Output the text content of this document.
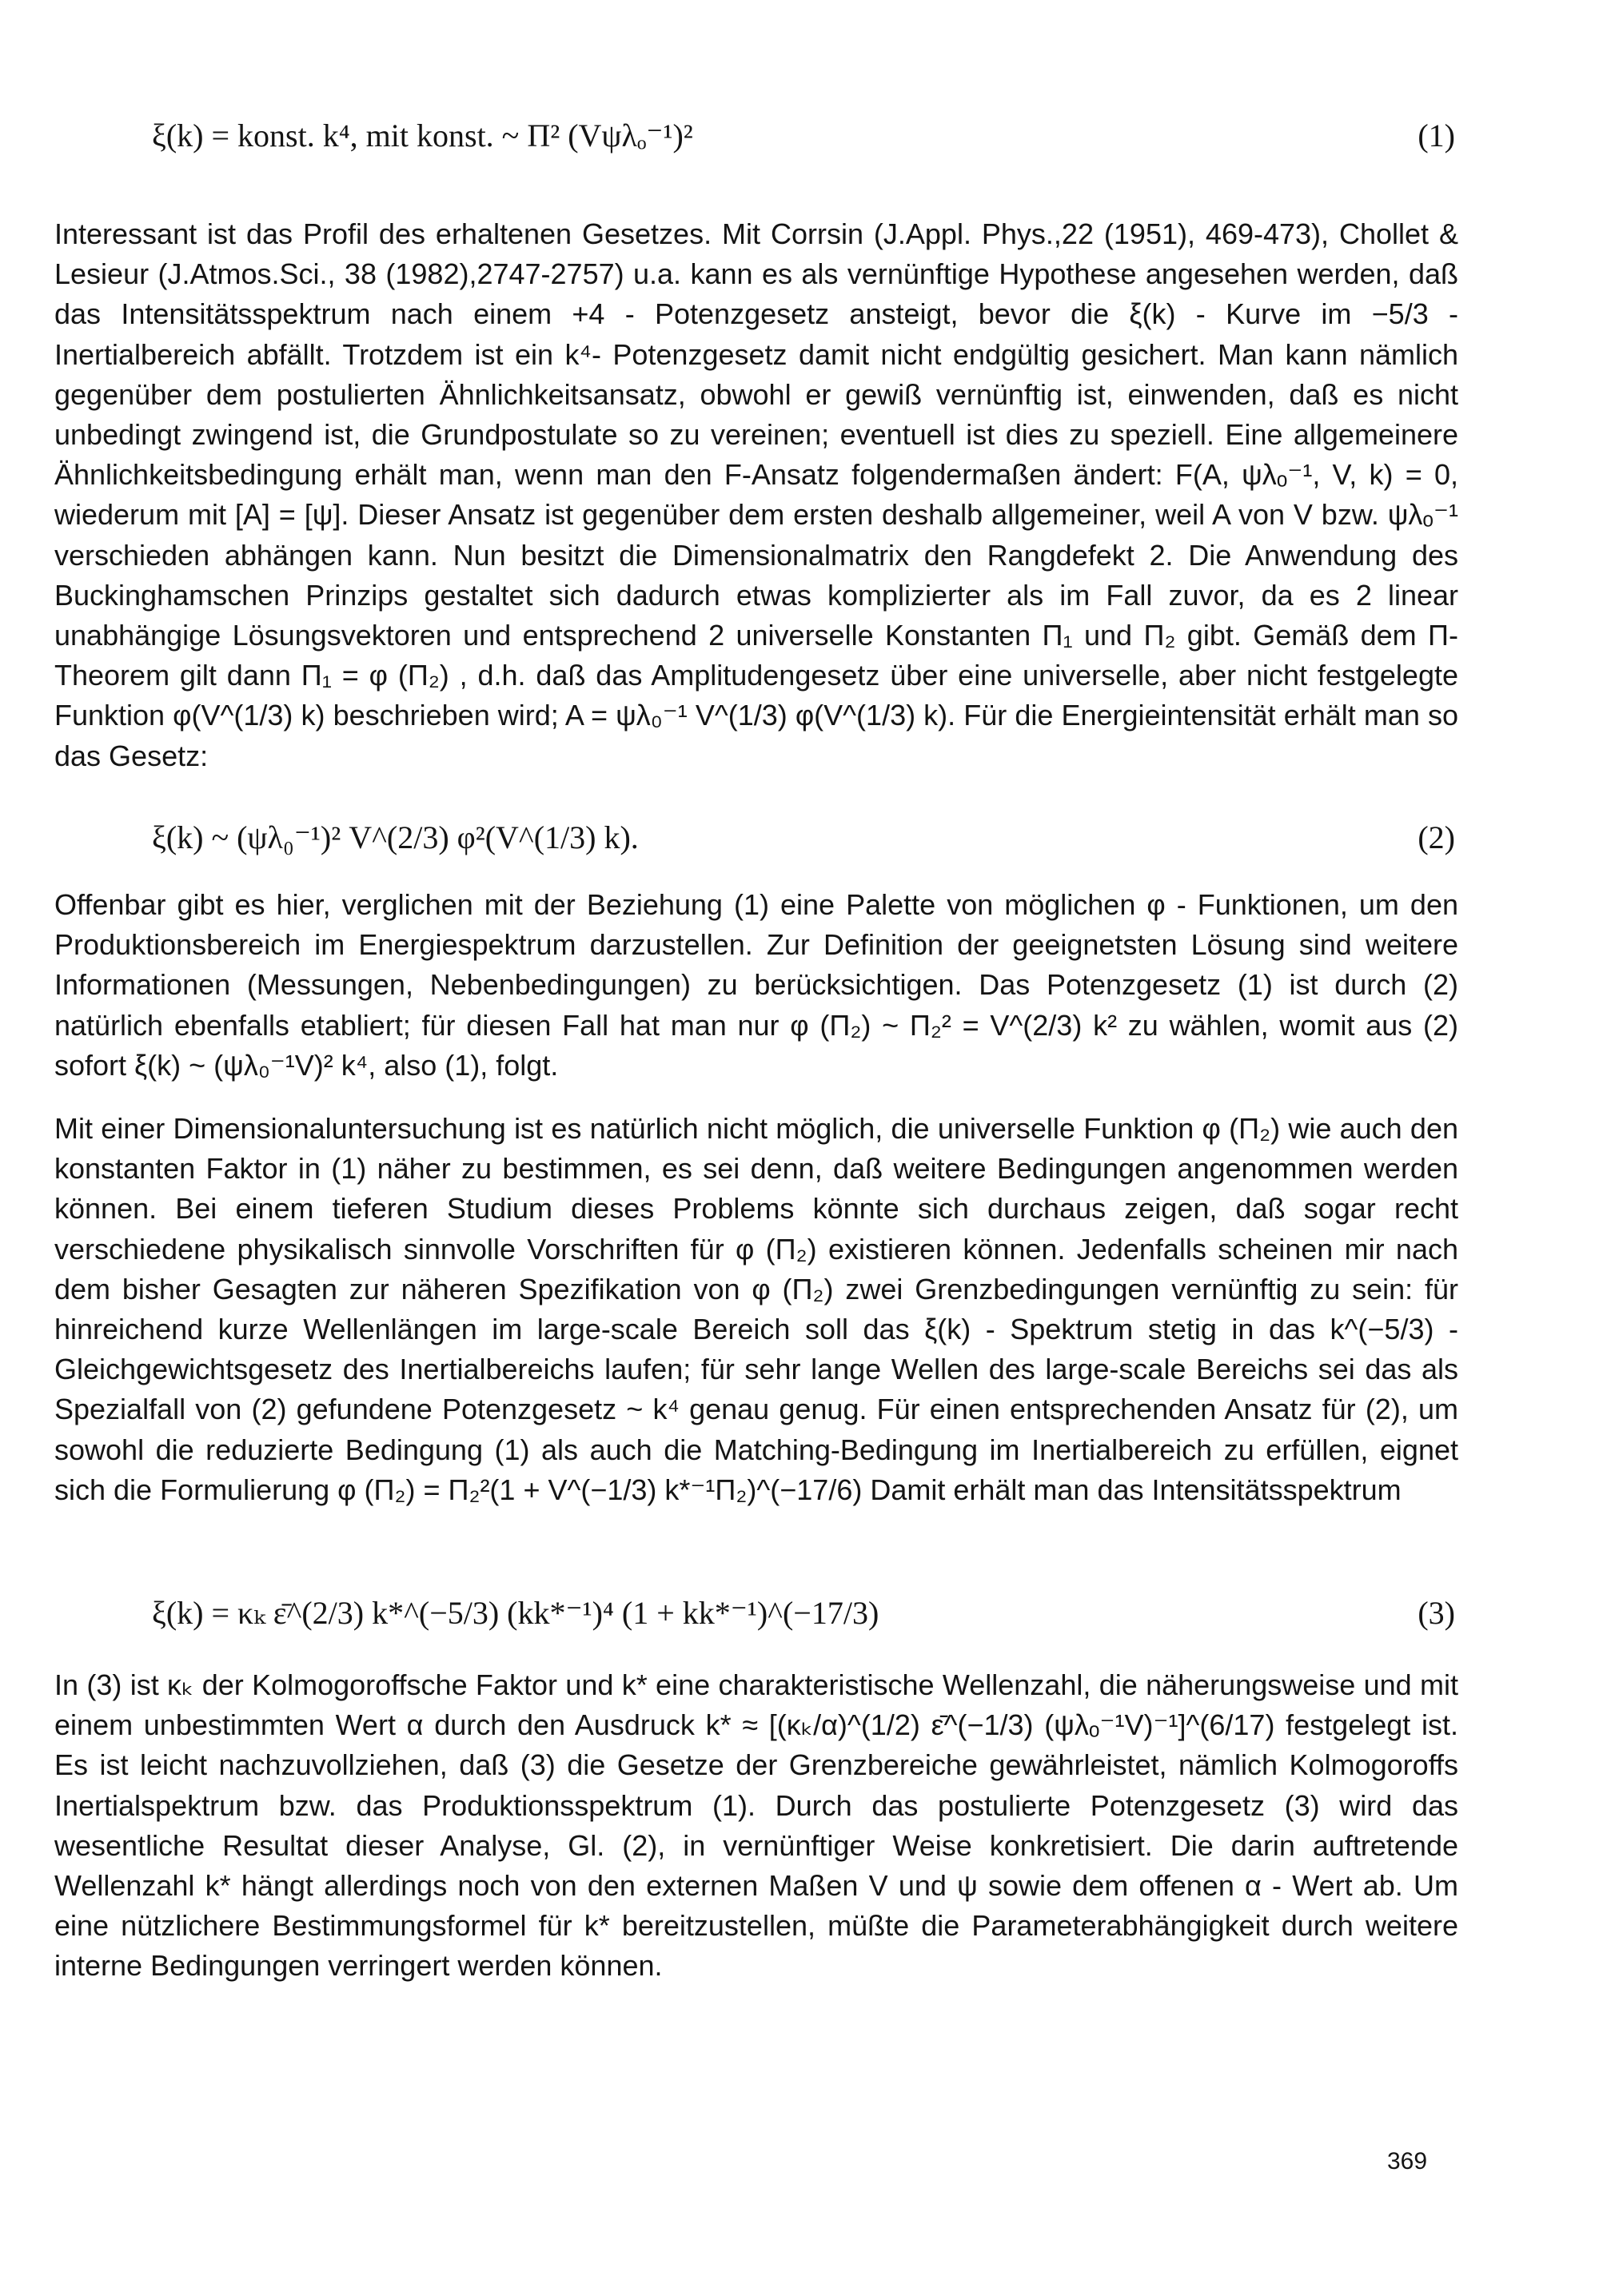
ξ(k) = konst. k⁴, mit konst. ~ Π² (Vψλₒ⁻¹)²	(1)

Interessant ist das Profil des erhaltenen Gesetzes. Mit Corrsin (J.Appl. Phys.,22 (1951), 469-473), Chollet & Lesieur (J.Atmos.Sci., 38 (1982),2747-2757) u.a. kann es als vernünftige Hypothese angesehen werden, daß das Intensitätsspektrum nach einem +4 - Potenzgesetz ansteigt, bevor die ξ(k) - Kurve im −5/3 - Inertialbereich abfällt. Trotzdem ist ein k⁴- Potenzgesetz damit nicht endgültig gesichert. Man kann nämlich gegenüber dem postulierten Ähnlichkeitsansatz, obwohl er gewiß vernünftig ist, einwenden, daß es nicht unbedingt zwingend ist, die Grundpostulate so zu vereinen; eventuell ist dies zu speziell. Eine allgemeinere Ähnlichkeitsbedingung erhält man, wenn man den F-Ansatz folgendermaßen ändert: F(A, ψλₒ⁻¹, V, k) = 0, wiederum mit [A] = [ψ]. Dieser Ansatz ist gegenüber dem ersten deshalb allgemeiner, weil A von V bzw. ψλₒ⁻¹ verschieden abhängen kann. Nun besitzt die Dimensionalmatrix den Rangdefekt 2. Die Anwendung des Buckinghamschen Prinzips gestaltet sich dadurch etwas komplizierter als im Fall zuvor, da es 2 linear unabhängige Lösungsvektoren und entsprechend 2 universelle Konstanten Π₁ und Π₂ gibt. Gemäß dem Π- Theorem gilt dann Π₁ = φ (Π₂) , d.h. daß das Amplitudengesetz über eine universelle, aber nicht festgelegte Funktion φ(V^(1/3) k) beschrieben wird; A = ψλ₀⁻¹ V^(1/3) φ(V^(1/3) k). Für die Energieintensität erhält man so das Gesetz:

ξ(k) ~ (ψλ₀⁻¹)² V^(2/3) φ²(V^(1/3) k).	(2)

Offenbar gibt es hier, verglichen mit der Beziehung (1) eine Palette von möglichen φ - Funktionen, um den Produktionsbereich im Energiespektrum darzustellen. Zur Definition der geeignetsten Lösung sind weitere Informationen (Messungen, Nebenbedingungen) zu berücksichtigen. Das Potenzgesetz (1) ist durch (2) natürlich ebenfalls etabliert; für diesen Fall hat man nur φ (Π₂) ~ Π₂² = V^(2/3) k² zu wählen, womit aus (2) sofort ξ(k) ~ (ψλ₀⁻¹V)² k⁴, also (1), folgt.

Mit einer Dimensionaluntersuchung ist es natürlich nicht möglich, die universelle Funktion φ (Π₂) wie auch den konstanten Faktor in (1) näher zu bestimmen, es sei denn, daß weitere Bedingungen angenommen werden können. Bei einem tieferen Studium dieses Problems könnte sich durchaus zeigen, daß sogar recht verschiedene physikalisch sinnvolle Vorschriften für φ (Π₂) existieren können. Jedenfalls scheinen mir nach dem bisher Gesagten zur näheren Spezifikation von φ (Π₂) zwei Grenzbedingungen vernünftig zu sein: für hinreichend kurze Wellenlängen im large-scale Bereich soll das ξ(k) - Spektrum stetig in das k^(−5/3) - Gleichgewichtsgesetz des Inertialbereichs laufen; für sehr lange Wellen des large-scale Bereichs sei das als Spezialfall von (2) gefundene Potenzgesetz ~ k⁴ genau genug. Für einen entsprechenden Ansatz für (2), um sowohl die reduzierte Bedingung (1) als auch die Matching-Bedingung im Inertialbereich zu erfüllen, eignet sich die Formulierung φ (Π₂) = Π₂²(1 + V^(−1/3) k*⁻¹Π₂)^(−17/6) Damit erhält man das Intensitätsspektrum

ξ(k) = κₖ ε̄^(2/3) k*^(−5/3) (kk*⁻¹)⁴ (1 + kk*⁻¹)^(−17/3)	(3)

In (3) ist κₖ der Kolmogoroffsche Faktor und k* eine charakteristische Wellenzahl, die näherungsweise und mit einem unbestimmten Wert α durch den Ausdruck k* ≈ [(κₖ/α)^(1/2) ε̄^(−1/3) (ψλₒ⁻¹V)⁻¹]^(6/17) festgelegt ist. Es ist leicht nachzuvollziehen, daß (3) die Gesetze der Grenzbereiche gewährleistet, nämlich Kolmogoroffs Inertialspektrum bzw. das Produktionsspektrum (1). Durch das postulierte Potenzgesetz (3) wird das wesentliche Resultat dieser Analyse, Gl. (2), in vernünftiger Weise konkretisiert. Die darin auftretende Wellenzahl k* hängt allerdings noch von den externen Maßen V und ψ sowie dem offenen α - Wert ab. Um eine nützlichere Bestimmungsformel für k* bereitzustellen, müßte die Parameterabhängigkeit durch weitere interne Bedingungen verringert werden können.

369
